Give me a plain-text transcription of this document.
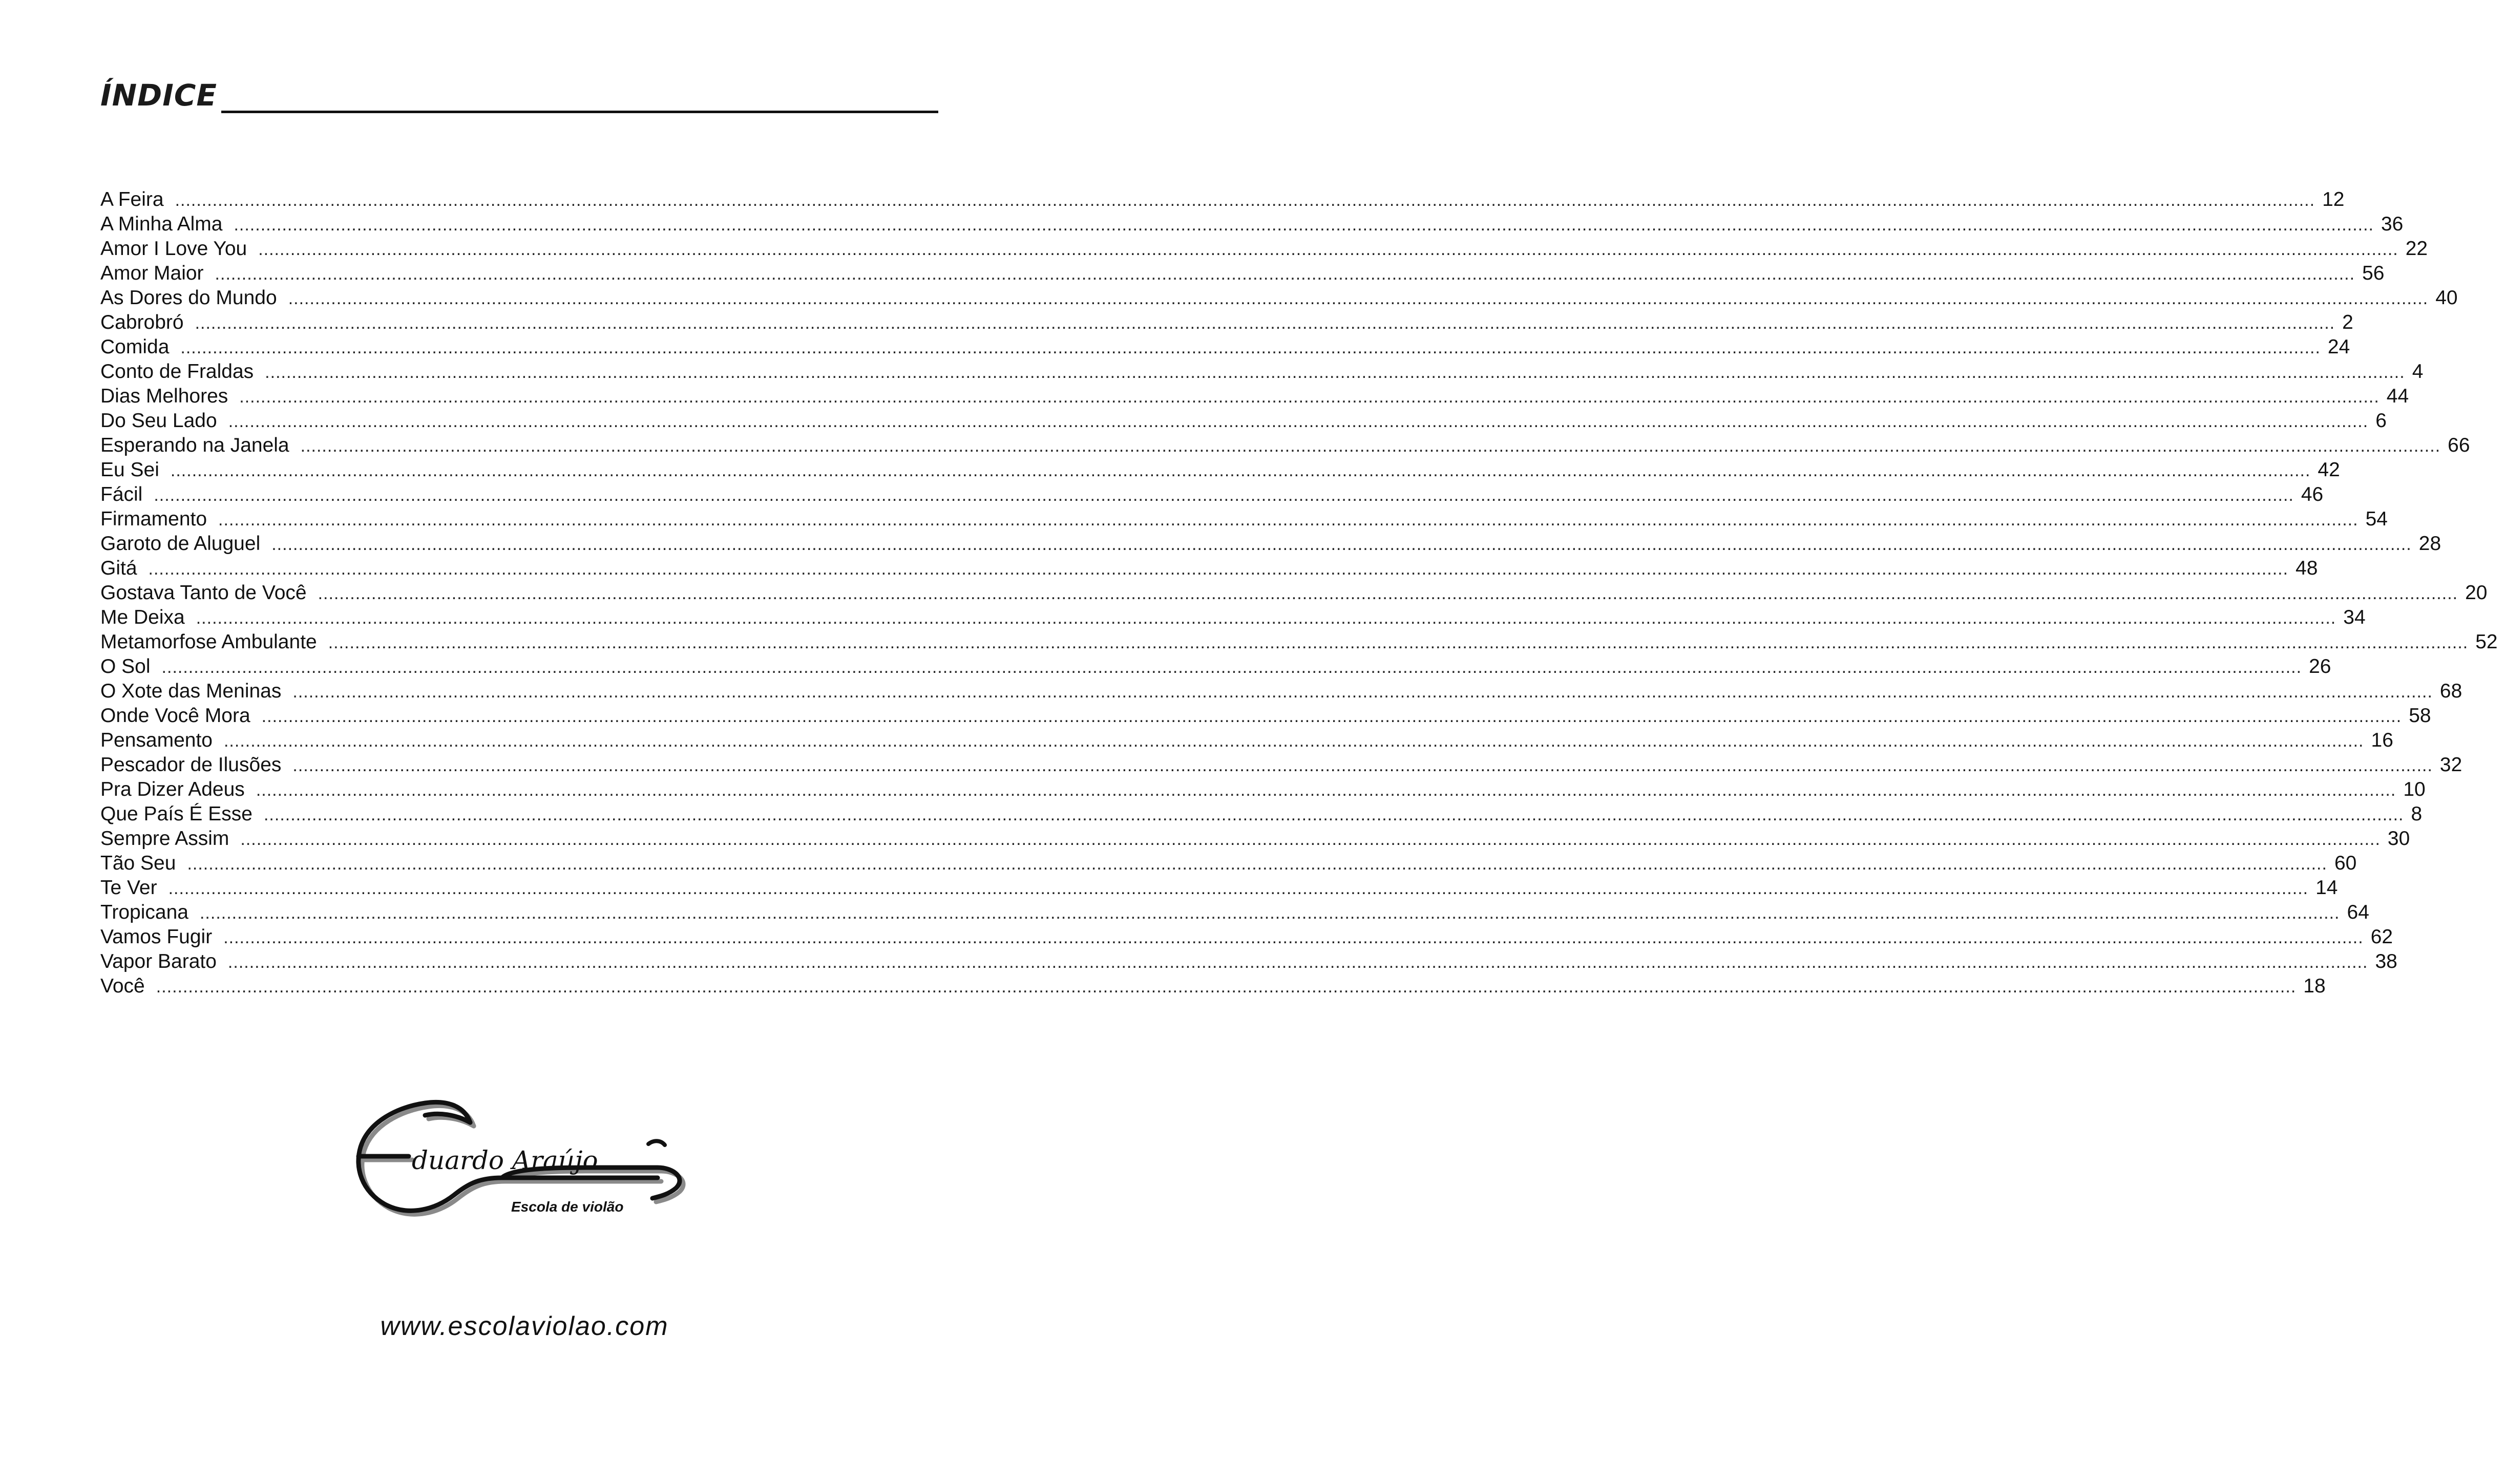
ÍNDICE
A Feira ................................................................................................................................................................................................................................................................................................................................................................................................................ 12
A Minha Alma ................................................................................................................................................................................................................................................................................................................................................................................................................ 36
Amor I Love You ................................................................................................................................................................................................................................................................................................................................................................................................................ 22
Amor Maior ................................................................................................................................................................................................................................................................................................................................................................................................................ 56
As Dores do Mundo ................................................................................................................................................................................................................................................................................................................................................................................................................ 40
Cabrobró ................................................................................................................................................................................................................................................................................................................................................................................................................ 2
Comida ................................................................................................................................................................................................................................................................................................................................................................................................................ 24
Conto de Fraldas ................................................................................................................................................................................................................................................................................................................................................................................................................ 4
Dias Melhores ................................................................................................................................................................................................................................................................................................................................................................................................................ 44
Do Seu Lado ................................................................................................................................................................................................................................................................................................................................................................................................................ 6
Esperando na Janela ................................................................................................................................................................................................................................................................................................................................................................................................................ 66
Eu Sei ................................................................................................................................................................................................................................................................................................................................................................................................................ 42
Fácil ................................................................................................................................................................................................................................................................................................................................................................................................................ 46
Firmamento ................................................................................................................................................................................................................................................................................................................................................................................................................ 54
Garoto de Aluguel ................................................................................................................................................................................................................................................................................................................................................................................................................ 28
Gitá ................................................................................................................................................................................................................................................................................................................................................................................................................ 48
Gostava Tanto de Você ................................................................................................................................................................................................................................................................................................................................................................................................................ 20
Me Deixa ................................................................................................................................................................................................................................................................................................................................................................................................................ 34
Metamorfose Ambulante ................................................................................................................................................................................................................................................................................................................................................................................................................ 52
O Sol ................................................................................................................................................................................................................................................................................................................................................................................................................ 26
O Xote das Meninas ................................................................................................................................................................................................................................................................................................................................................................................................................ 68
Onde Você Mora ................................................................................................................................................................................................................................................................................................................................................................................................................ 58
Pensamento ................................................................................................................................................................................................................................................................................................................................................................................................................ 16
Pescador de Ilusões ................................................................................................................................................................................................................................................................................................................................................................................................................ 32
Pra Dizer Adeus ................................................................................................................................................................................................................................................................................................................................................................................................................ 10
Que País É Esse ................................................................................................................................................................................................................................................................................................................................................................................................................ 8
Sempre Assim ................................................................................................................................................................................................................................................................................................................................................................................................................ 30
Tão Seu ................................................................................................................................................................................................................................................................................................................................................................................................................ 60
Te Ver ................................................................................................................................................................................................................................................................................................................................................................................................................ 14
Tropicana ................................................................................................................................................................................................................................................................................................................................................................................................................ 64
Vamos Fugir ................................................................................................................................................................................................................................................................................................................................................................................................................ 62
Vapor Barato ................................................................................................................................................................................................................................................................................................................................................................................................................ 38
Você ................................................................................................................................................................................................................................................................................................................................................................................................................ 18
duardo Araújo
Escola de violão
www.escolaviolao.com
